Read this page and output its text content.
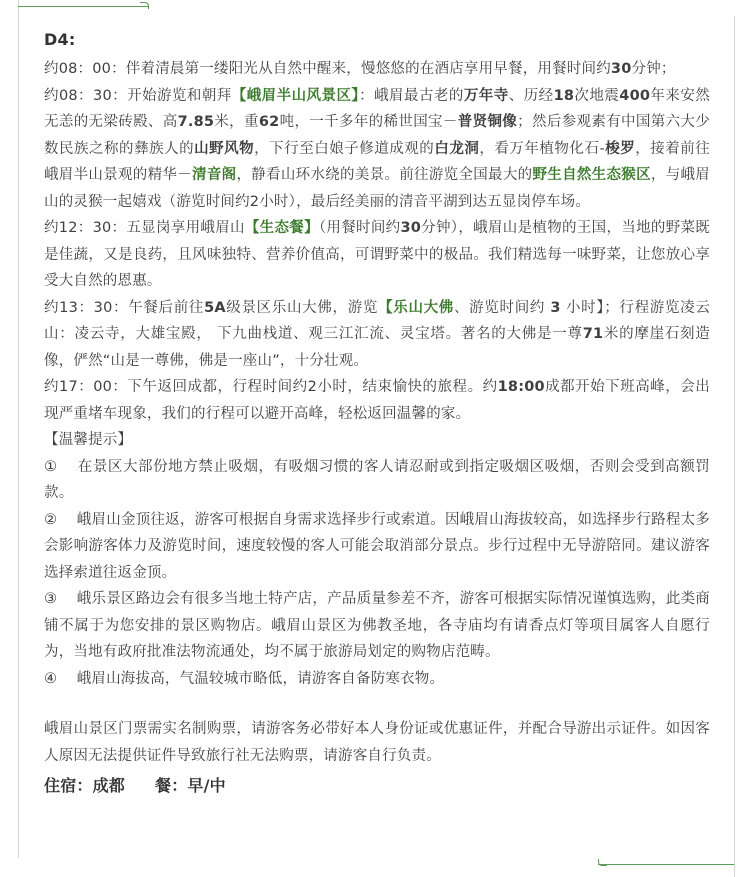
D4:

约08：00：伴着清晨第一缕阳光从自然中醒来，慢悠悠的在酒店享用早餐，用餐时间约30分钟；

约08：30：开始游览和朝拜【峨眉半山风景区】：峨眉最古老的万年寺、历经18次地震400年来安然无恙的无梁砖殿、高7.85米，重62吨，一千多年的稀世国宝－普贤铜像；然后参观素有中国第六大少数民族之称的彝族人的山野风物，下行至白娘子修道成观的白龙洞，看万年植物化石-梭罗，接着前往峨眉半山景观的精华－清音阁，静看山环水绕的美景。前往游览全国最大的野生自然生态猴区，与峨眉山的灵猴一起嬉戏（游览时间约2小时），最后经美丽的清音平湖到达五显岗停车场。

约12：30：五显岗享用峨眉山【生态餐】（用餐时间约30分钟），峨眉山是植物的王国，当地的野菜既是佳蔬，又是良药，且风味独特、营养价值高，可谓野菜中的极品。我们精选每一味野菜，让您放心享受大自然的恩惠。

约13：30：午餐后前往5A级景区乐山大佛，游览【乐山大佛、游览时间约 3 小时】；行程游览凌云山：凌云寺，大雄宝殿， 下九曲栈道、观三江汇流、灵宝塔。著名的大佛是一尊71米的摩崖石刻造像，俨然“山是一尊佛，佛是一座山”，十分壮观。

约17：00：下午返回成都，行程时间约2小时，结束愉快的旅程。约18:00成都开始下班高峰，会出现严重堵车现象，我们的行程可以避开高峰，轻松返回温馨的家。

【温馨提示】

①　 在景区大部份地方禁止吸烟，有吸烟习惯的客人请忍耐或到指定吸烟区吸烟，否则会受到高额罚款。

②　 峨眉山金顶往返，游客可根据自身需求选择步行或索道。因峨眉山海拔较高，如选择步行路程太多会影响游客体力及游览时间，速度较慢的客人可能会取消部分景点。步行过程中无导游陪同。建议游客选择索道往返金顶。

③　 峨乐景区路边会有很多当地土特产店，产品质量参差不齐，游客可根据实际情况谨慎选购，此类商铺不属于为您安排的景区购物店。峨眉山景区为佛教圣地，各寺庙均有请香点灯等项目属客人自愿行为，当地有政府批准法物流通处，均不属于旅游局划定的购物店范畴。

④　 峨眉山海拔高，气温较城市略低，请游客自备防寒衣物。

峨眉山景区门票需实名制购票，请游客务必带好本人身份证或优惠证件，并配合导游出示证件。如因客人原因无法提供证件导致旅行社无法购票，请游客自行负责。

住宿：成都 餐：早/中
